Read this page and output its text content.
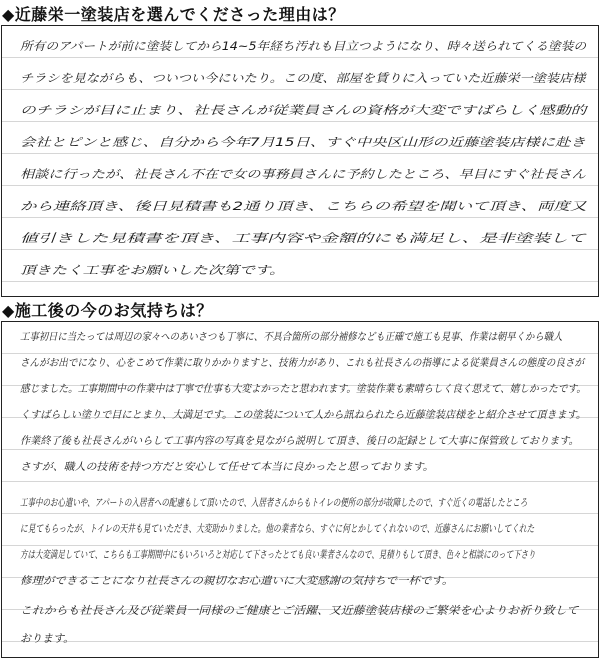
◆近藤栄一塗装店を選んでくださった理由は？
所有のアパートが前に塗装してから14~5年経ち汚れも目立つようになり、時々送られてくる塗装の
チラシを見ながらも、ついつい今にいたり。この度、部屋を賃りに入っていた近藤栄一塗装店様
のチラシが目に止まり、社長さんが従業員さんの資格が大変ですばらしく感動的
会社とピンと感じ、自分から今年7月15日、すぐ中央区山形の近藤塗装店様に赴き
相談に行ったが、社長さん不在で女の事務員さんに予約したところ、早目にすぐ社長さん
から連絡頂き、後日見積書も2通り頂き、こちらの希望を聞いて頂き、両度又
値引きした見積書を頂き、工事内容や金額的にも満足し、是非塗装して
頂きたく工事をお願いした次第です。
◆施工後の今のお気持ちは？
工事初日に当たっては周辺の家々へのあいさつも丁寧に、不具合箇所の部分補修なども正確で施工も見事、作業は朝早くから職人
さんがお出でになり、心をこめて作業に取りかかりますと、技術力があり、これも社長さんの指導による従業員さんの態度の良さが
感じました。工事期間中の作業中は丁寧で仕事も大変よかったと思われます。塗装作業も素晴らしく良く思えて、嬉しかったです。
くすばらしい塗りで目にとまり、大満足です。この塗装について人から訊ねられたら近藤塗装店様をと紹介させて頂きます。
作業終了後も社長さんがいらして工事内容の写真を見ながら説明して頂き、後日の記録として大事に保管致しております。
さすが、職人の技術を持つ方だと安心して任せて本当に良かったと思っております。
工事中のお心遣いや、アパートの入居者への配慮もして頂いたので、入居者さんからもトイレの便所の部分が故障したので、すぐ近くの電話したところ
に見てもらったが、トイレの天井も見ていただき、大変助かりました。他の業者なら、すぐに何とかしてくれないので、近藤さんにお願いしてくれた
方は大変満足していて、こちらも工事期間中にもいろいろと対応して下さったとても良い業者さんなので、見積りもして頂き、色々と相談にのって下さり
修理ができることになり社長さんの親切なお心遣いに大変感謝の気持ちで一杯です。
これからも社長さん及び従業員一同様のご健康とご活躍、又近藤塗装店様のご繁栄を心よりお祈り致して
おります。
